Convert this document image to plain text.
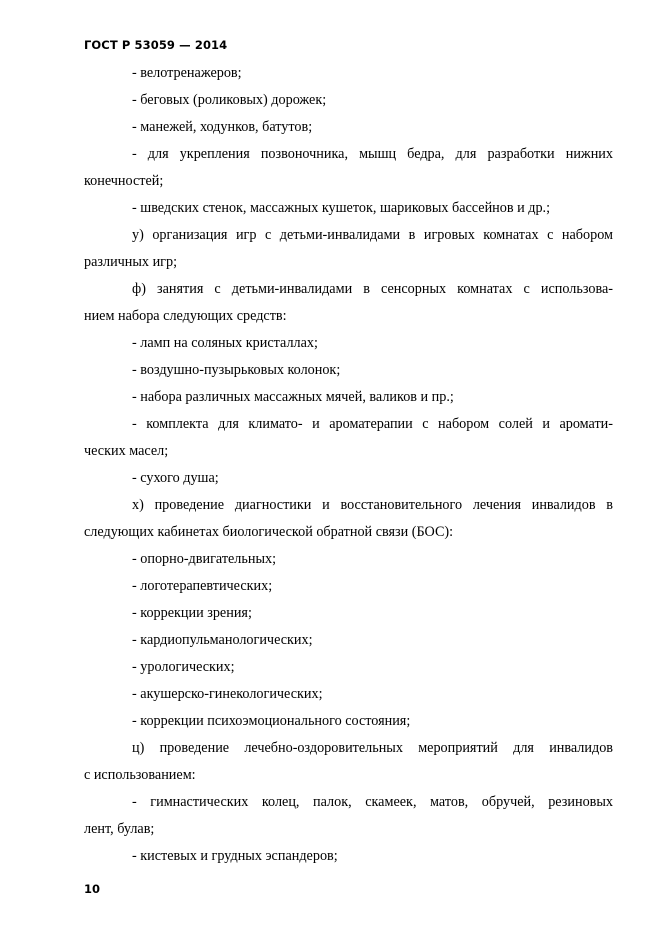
ГОСТ Р 53059 — 2014
- велотренажеров;
- беговых (роликовых) дорожек;
- манежей, ходунков, батутов;
- для укрепления позвоночника, мышц бедра, для разработки нижних
конечностей;
- шведских стенок, массажных кушеток, шариковых бассейнов и др.;
у) организация игр с детьми-инвалидами в игровых комнатах с набором
различных игр;
ф) занятия с детьми-инвалидами в сенсорных комнатах с использова-
нием набора следующих средств:
- ламп на соляных кристаллах;
- воздушно-пузырьковых колонок;
- набора различных массажных мячей, валиков и пр.;
- комплекта для климато- и ароматерапии с набором солей и аромати-
ческих масел;
- сухого душа;
х) проведение диагностики и восстановительного лечения инвалидов в
следующих кабинетах биологической обратной связи (БОС):
- опорно-двигательных;
- логотерапевтических;
- коррекции зрения;
- кардиопульманологических;
- урологических;
- акушерско-гинекологических;
- коррекции психоэмоционального состояния;
ц) проведение лечебно-оздоровительных мероприятий для инвалидов
с использованием:
- гимнастических колец, палок, скамеек, матов, обручей, резиновых
лент, булав;
- кистевых и грудных эспандеров;
10
